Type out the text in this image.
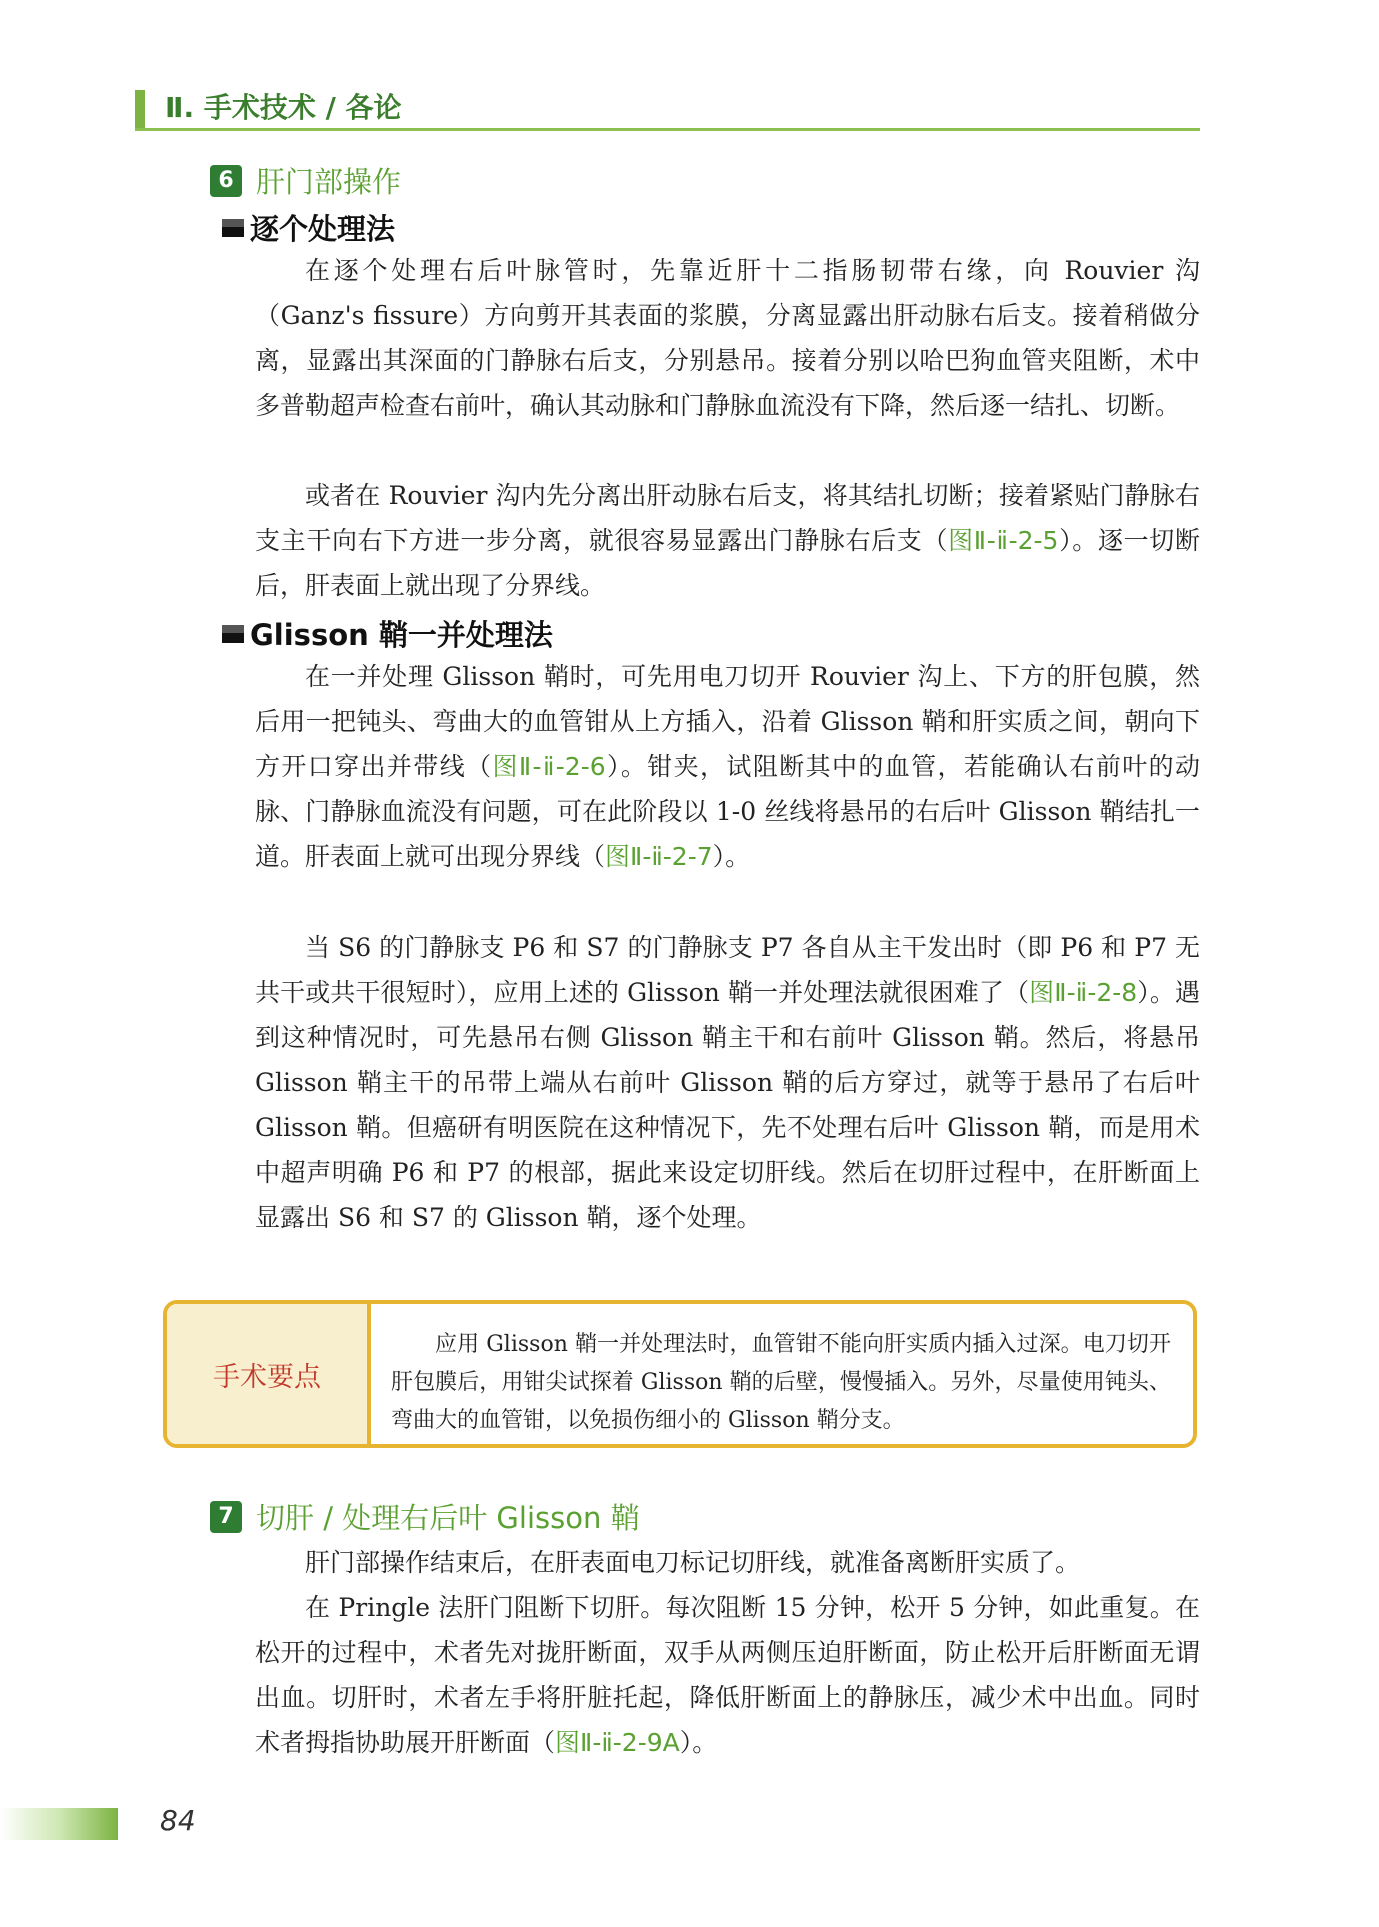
Ⅱ. 手术技术 / 各论
6 肝门部操作
逐个处理法

在逐个处理右后叶脉管时，先靠近肝十二指肠韧带右缘，向 Rouvier 沟（Ganz's fissure）方向剪开其表面的浆膜，分离显露出肝动脉右后支。接着稍做分离，显露出其深面的门静脉右后支，分别悬吊。接着分别以哈巴狗血管夹阻断，术中多普勒超声检查右前叶，确认其动脉和门静脉血流没有下降，然后逐一结扎、切断。

或者在 Rouvier 沟内先分离出肝动脉右后支，将其结扎切断；接着紧贴门静脉右支主干向右下方进一步分离，就很容易显露出门静脉右后支（图Ⅱ-ⅱ-2-5）。逐一切断后，肝表面上就出现了分界线。

Glisson 鞘一并处理法

在一并处理 Glisson 鞘时，可先用电刀切开 Rouvier 沟上、下方的肝包膜，然后用一把钝头、弯曲大的血管钳从上方插入，沿着 Glisson 鞘和肝实质之间，朝向下方开口穿出并带线（图Ⅱ-ⅱ-2-6）。钳夹，试阻断其中的血管，若能确认右前叶的动脉、门静脉血流没有问题，可在此阶段以 1-0 丝线将悬吊的右后叶 Glisson 鞘结扎一道。肝表面上就可出现分界线（图Ⅱ-ⅱ-2-7）。

当 S6 的门静脉支 P6 和 S7 的门静脉支 P7 各自从主干发出时（即 P6 和 P7 无共干或共干很短时），应用上述的 Glisson 鞘一并处理法就很困难了（图Ⅱ-ⅱ-2-8）。遇到这种情况时，可先悬吊右侧 Glisson 鞘主干和右前叶 Glisson 鞘。然后，将悬吊 Glisson 鞘主干的吊带上端从右前叶 Glisson 鞘的后方穿过，就等于悬吊了右后叶 Glisson 鞘。但癌研有明医院在这种情况下，先不处理右后叶 Glisson 鞘，而是用术中超声明确 P6 和 P7 的根部，据此来设定切肝线。然后在切肝过程中，在肝断面上显露出 S6 和 S7 的 Glisson 鞘，逐个处理。

手术要点

应用 Glisson 鞘一并处理法时，血管钳不能向肝实质内插入过深。电刀切开肝包膜后，用钳尖试探着 Glisson 鞘的后壁，慢慢插入。另外，尽量使用钝头、弯曲大的血管钳，以免损伤细小的 Glisson 鞘分支。

7 切肝 / 处理右后叶 Glisson 鞘

肝门部操作结束后，在肝表面电刀标记切肝线，就准备离断肝实质了。

在 Pringle 法肝门阻断下切肝。每次阻断 15 分钟，松开 5 分钟，如此重复。在松开的过程中，术者先对拢肝断面，双手从两侧压迫肝断面，防止松开后肝断面无谓出血。切肝时，术者左手将肝脏托起，降低肝断面上的静脉压，减少术中出血。同时术者拇指协助展开肝断面（图Ⅱ-ⅱ-2-9A）。

84
